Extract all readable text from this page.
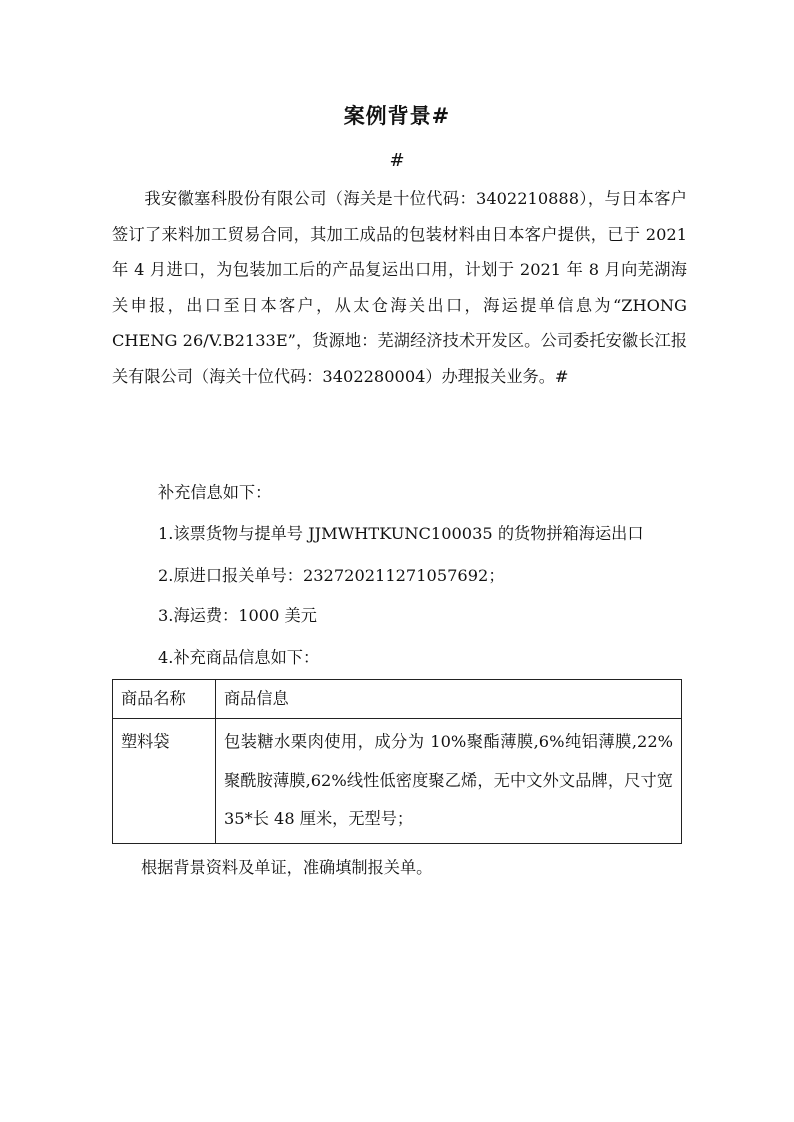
案例背景#
#

我安徽塞科股份有限公司（海关是十位代码：3402210888），与日本客户签订了来料加工贸易合同，其加工成品的包装材料由日本客户提供，已于 2021 年 4 月进口，为包装加工后的产品复运出口用，计划于 2021 年 8 月向芜湖海关申报，出口至日本客户，从太仓海关出口，海运提单信息为“ZHONG CHENG 26/V.B2133E”，货源地：芜湖经济技术开发区。公司委托安徽长江报关有限公司（海关十位代码：3402280004）办理报关业务。#

补充信息如下：
1.该票货物与提单号 JJMWHTKUNC100035 的货物拼箱海运出口
2.原进口报关单号：232720211271057692；
3.海运费：1000 美元
4.补充商品信息如下：
商品名称	商品信息
塑料袋	包装糖水栗肉使用，成分为 10%聚酯薄膜,6%纯铝薄膜,22%聚酰胺薄膜,62%线性低密度聚乙烯，无中文外文品牌，尺寸宽 35*长 48 厘米，无型号；
根据背景资料及单证，准确填制报关单。
